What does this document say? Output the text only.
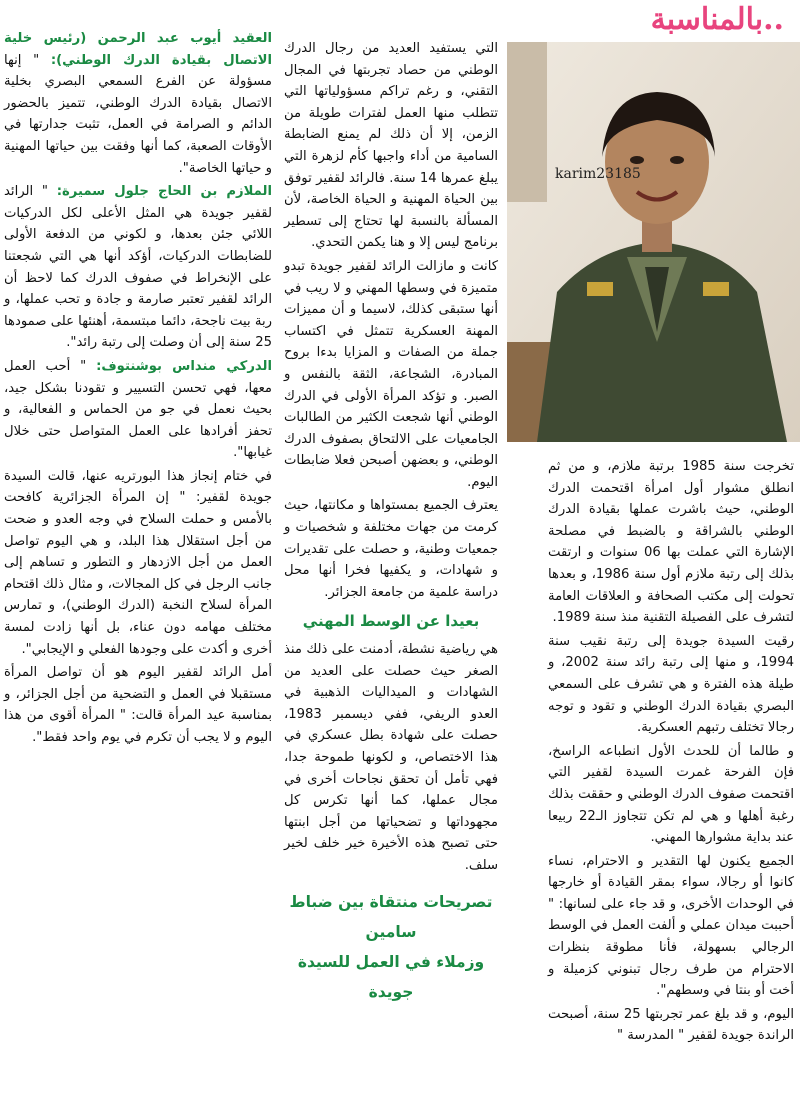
..بالمناسبة
karim23185

تخرجت سنة 1985 برتبة ملازم، و من ثم انطلق مشوار أول امرأة اقتحمت الدرك الوطني، حيث باشرت عملها بقيادة الدرك الوطني بالشراقة و بالضبط في مصلحة الإشارة التي عملت بها 06 سنوات و ارتقت بذلك إلى رتبة ملازم أول سنة 1986، و بعدها تحولت إلى مكتب الصحافة و العلاقات العامة لتشرف على الفصيلة التقنية منذ سنة 1989.

رقيت السيدة جويدة إلى رتبة نقيب سنة 1994، و منها إلى رتبة رائد سنة 2002، و طيلة هذه الفترة و هي تشرف على السمعي البصري بقيادة الدرك الوطني و تقود و توجه رجالا تختلف رتبهم العسكرية.

و طالما أن للحدث الأول انطباعه الراسخ، فإن الفرحة غمرت السيدة لقفير التي اقتحمت صفوف الدرك الوطني و حققت بذلك رغبة أهلها و هي لم تكن تتجاوز الـ22 ربيعا عند بداية مشوارها المهني.

الجميع يكنون لها التقدير و الاحترام، نساء كانوا أو رجالا، سواء بمقر القيادة أو خارجها في الوحدات الأخرى، و قد جاء على لسانها: " أحببت ميدان عملي و ألفت العمل في الوسط الرجالي بسهولة، فأنا مطوقة بنظرات الاحترام من طرف رجال تبنوني كزميلة و أخت أو بنتا في وسطهم".

اليوم، و قد بلغ عمر تجربتها 25 سنة، أصبحت الراندة جويدة لقفير " المدرسة "

التي يستفيد العديد من رجال الدرك الوطني من حصاد تجربتها في المجال التقني، و رغم تراكم مسؤولياتها التي تتطلب منها العمل لفترات طويلة من الزمن، إلا أن ذلك لم يمنع الضابطة السامية من أداء واجبها كأم لزهرة التي يبلغ عمرها 14 سنة. فالرائد لقفير توفق بين الحياة المهنية و الحياة الخاصة، لأن المسألة بالنسبة لها تحتاج إلى تسطير برنامج ليس إلا و هنا يكمن التحدي.

كانت و مازالت الرائد لقفير جويدة تبدو متميزة في وسطها المهني و لا ريب في أنها ستبقى كذلك، لاسيما و أن مميزات المهنة العسكرية تتمثل في اكتساب جملة من الصفات و المزايا بدءا بروح المبادرة، الشجاعة، الثقة بالنفس و الصبر. و تؤكد المرأة الأولى في الدرك الوطني أنها شجعت الكثير من الطالبات الجامعيات على الالتحاق بصفوف الدرك الوطني، و بعضهن أصبحن فعلا ضابطات اليوم.

يعترف الجميع بمستواها و مكانتها، حيث كرمت من جهات مختلفة و شخصيات و جمعيات وطنية، و حصلت على تقديرات و شهادات، و يكفيها فخرا أنها محل دراسة علمية من جامعة الجزائر.

بعيدا عن الوسط المهني

هي رياضية نشطة، أدمنت على ذلك منذ الصغر حيث حصلت على العديد من الشهادات و الميداليات الذهبية في العدو الريفي، ففي ديسمبر 1983، حصلت على شهادة بطل عسكري في هذا الاختصاص، و لكونها طموحة جدا، فهي تأمل أن تحقق نجاحات أخرى في مجال عملها، كما أنها تكرس كل مجهوداتها و تضحياتها من أجل ابنتها حتى تصبح هذه الأخيرة خير خلف لخير سلف.

تصريحات منتقاة بين ضباط سامين
وزملاء في العمل للسيدة جويدة

العقيد أيوب عبد الرحمن (رئيس خلية الاتصال بقيادة الدرك الوطني): " إنها مسؤولة عن الفرع السمعي البصري بخلية الاتصال بقيادة الدرك الوطني، تتميز بالحضور الدائم و الصرامة في العمل، تثبت جدارتها في الأوقات الصعبة، كما أنها وفقت بين حياتها المهنية و حياتها الخاصة".

الملازم بن الحاج جلول سميرة: " الرائد لقفير جويدة هي المثل الأعلى لكل الدركيات اللائي جئن بعدها، و لكوني من الدفعة الأولى للضابطات الدركيات، أؤكد أنها هي التي شجعتنا على الإنخراط في صفوف الدرك كما لاحظ أن الرائد لقفير تعتبر صارمة و جادة و تحب عملها، و ربة بيت ناجحة، دائما مبتسمة، أهنئها على صمودها 25 سنة إلى أن وصلت إلى رتبة رائد".

الدركي منداس بوشنتوف: " أحب العمل معها، فهي تحسن التسيير و تقودنا بشكل جيد، بحيث نعمل في جو من الحماس و الفعالية، و تحفز أفرادها على العمل المتواصل حتى خلال غيابها".

في ختام إنجاز هذا البورتريه عنها، قالت السيدة جويدة لقفير: " إن المرأة الجزائرية كافحت بالأمس و حملت السلاح في وجه العدو و ضحت من أجل استقلال هذا البلد، و هي اليوم تواصل العمل من أجل الازدهار و التطور و تساهم إلى جانب الرجل في كل المجالات، و مثال ذلك اقتحام المرأة لسلاح النخبة (الدرك الوطني)، و تمارس مختلف مهامه دون عناء، بل أنها زادت لمسة أخرى و أكدت على وجودها الفعلي و الإيجابي".

أمل الرائد لقفير اليوم هو أن تواصل المرأة مستقبلا في العمل و التضحية من أجل الجزائر، و بمناسبة عيد المرأة قالت: " المرأة أقوى من هذا اليوم و لا يجب أن تكرم في يوم واحد فقط".
